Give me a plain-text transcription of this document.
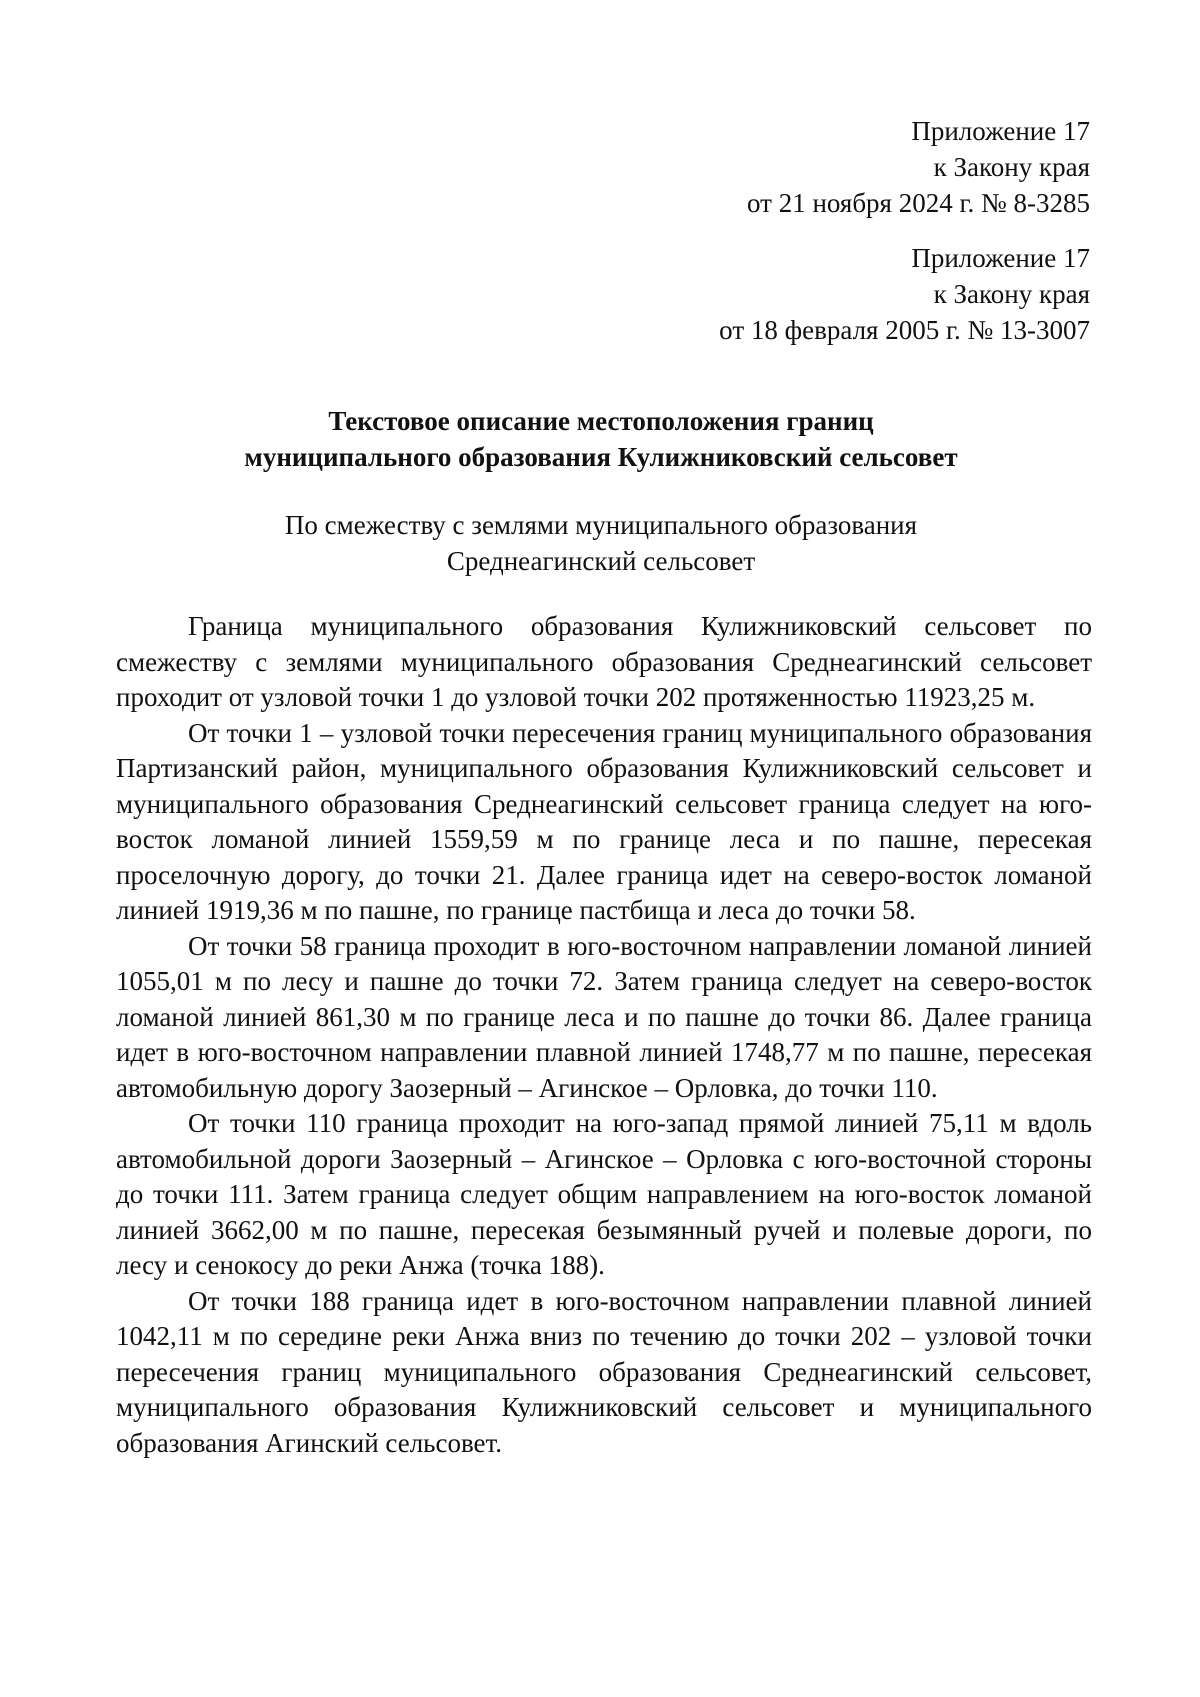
Приложение 17
к Закону края
от 21 ноября 2024 г. № 8-3285
Приложение 17
к Закону края
от 18 февраля 2005 г. № 13-3007
Текстовое описание местоположения границ
муниципального образования Кулижниковский сельсовет
По смежеству с землями муниципального образования
Среднеагинский сельсовет

Граница муниципального образования Кулижниковский сельсовет по смежеству с землями муниципального образования Среднеагинский сельсовет проходит от узловой точки 1 до узловой точки 202 протяженностью 11923,25 м.

От точки 1 – узловой точки пересечения границ муниципального образования Партизанский район, муниципального образования Кулижниковский сельсовет и муниципального образования Среднеагинский сельсовет граница следует на юго-восток ломаной линией 1559,59 м по границе леса и по пашне, пересекая проселочную дорогу, до точки 21. Далее граница идет на северо-восток ломаной линией 1919,36 м по пашне, по границе пастбища и леса до точки 58.

От точки 58 граница проходит в юго-восточном направлении ломаной линией 1055,01 м по лесу и пашне до точки 72. Затем граница следует на северо-восток ломаной линией 861,30 м по границе леса и по пашне до точки 86. Далее граница идет в юго-восточном направлении плавной линией 1748,77 м по пашне, пересекая автомобильную дорогу Заозерный – Агинское – Орловка, до точки 110.

От точки 110 граница проходит на юго-запад прямой линией 75,11 м вдоль автомобильной дороги Заозерный – Агинское – Орловка с юго-восточной стороны до точки 111. Затем граница следует общим направлением на юго-восток ломаной линией 3662,00 м по пашне, пересекая безымянный ручей и полевые дороги, по лесу и сенокосу до реки Анжа (точка 188).

От точки 188 граница идет в юго-восточном направлении плавной линией 1042,11 м по середине реки Анжа вниз по течению до точки 202 – узловой точки пересечения границ муниципального образования Среднеагинский сельсовет, муниципального образования Кулижниковский сельсовет и муниципального образования Агинский сельсовет.
